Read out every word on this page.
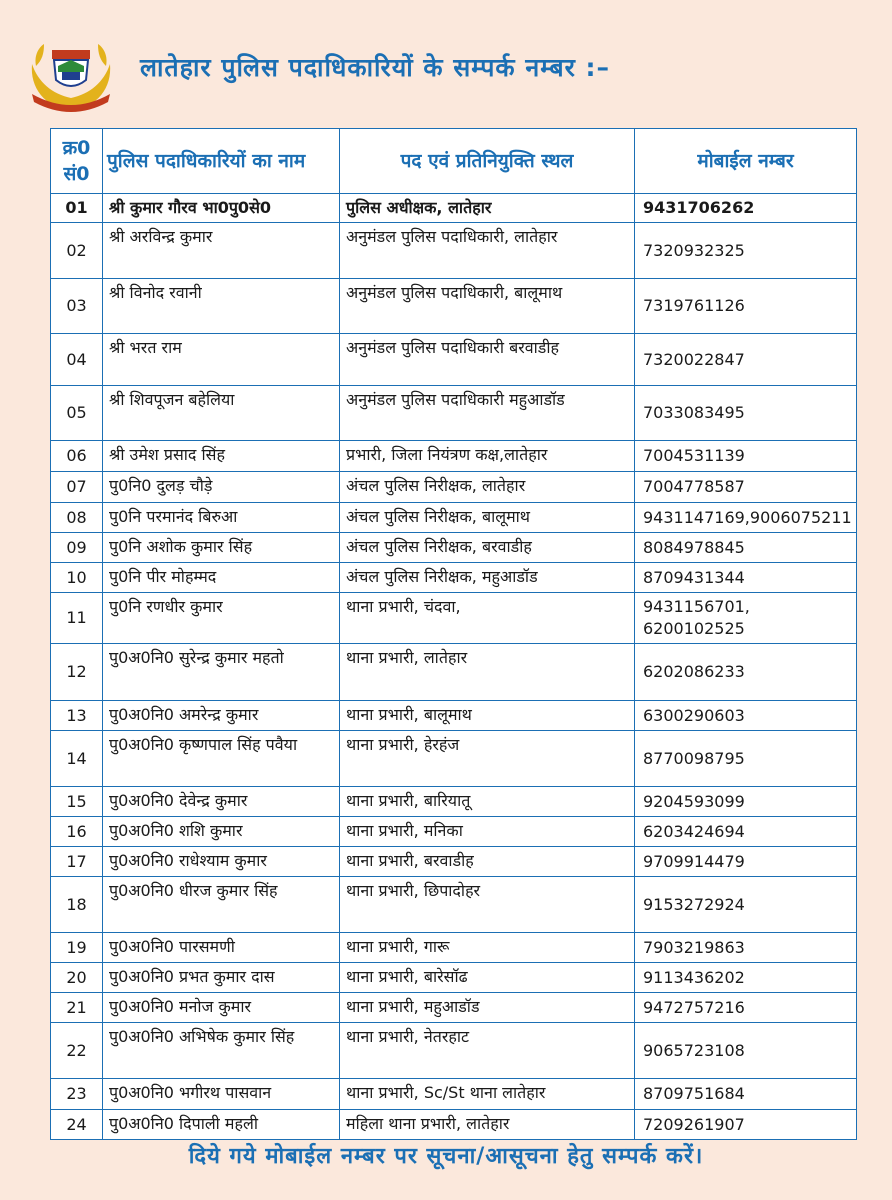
लातेहार पुलिस पदाधिकारियों के सम्पर्क नम्बर :–
क्र0 सं0	पुलिस पदाधिकारियों का नाम	पद एवं प्रतिनियुक्ति स्थल	मोबाईल नम्बर
01	श्री कुमार गौरव भा0पु0से0	पुलिस अधीक्षक, लातेहार	9431706262
02	श्री अरविन्द्र कुमार	अनुमंडल पुलिस पदाधिकारी, लातेहार	7320932325
03	श्री विनोद रवानी	अनुमंडल पुलिस पदाधिकारी, बालूमाथ	7319761126
04	श्री भरत राम	अनुमंडल पुलिस पदाधिकारी बरवाडीह	7320022847
05	श्री शिवपूजन बहेलिया	अनुमंडल पुलिस पदाधिकारी महुआडॉड	7033083495
06	श्री उमेश प्रसाद सिंह	प्रभारी, जिला नियंत्रण कक्ष,लातेहार	7004531139
07	पु0नि0 दुलड़ चौड़े	अंचल पुलिस निरीक्षक, लातेहार	7004778587
08	पु0नि परमानंद बिरुआ	अंचल पुलिस निरीक्षक, बालूमाथ	9431147169,9006075211
09	पु0नि अशोक कुमार सिंह	अंचल पुलिस निरीक्षक, बरवाडीह	8084978845
10	पु0नि पीर मोहम्मद	अंचल पुलिस निरीक्षक, महुआडॉड	8709431344
11	पु0नि रणधीर कुमार	थाना प्रभारी, चंदवा,	9431156701, 6200102525
12	पु0अ0नि0 सुरेन्द्र कुमार महतो	थाना प्रभारी, लातेहार	6202086233
13	पु0अ0नि0 अमरेन्द्र कुमार	थाना प्रभारी, बालूमाथ	6300290603
14	पु0अ0नि0 कृष्णपाल सिंह पवैया	थाना प्रभारी, हेरहंज	8770098795
15	पु0अ0नि0 देवेन्द्र कुमार	थाना प्रभारी, बारियातू	9204593099
16	पु0अ0नि0 शशि कुमार	थाना प्रभारी, मनिका	6203424694
17	पु0अ0नि0 राधेश्याम कुमार	थाना प्रभारी, बरवाडीह	9709914479
18	पु0अ0नि0 धीरज कुमार सिंह	थाना प्रभारी, छिपादोहर	9153272924
19	पु0अ0नि0 पारसमणी	थाना प्रभारी, गारू	7903219863
20	पु0अ0नि0 प्रभत कुमार दास	थाना प्रभारी, बारेसॉढ	9113436202
21	पु0अ0नि0 मनोज कुमार	थाना प्रभारी, महुआडॉड	9472757216
22	पु0अ0नि0 अभिषेक कुमार सिंह	थाना प्रभारी, नेतरहाट	9065723108
23	पु0अ0नि0 भगीरथ पासवान	थाना प्रभारी, Sc/St थाना लातेहार	8709751684
24	पु0अ0नि0 दिपाली महली	महिला थाना प्रभारी, लातेहार	7209261907
दिये गये मोबाईल नम्बर पर सूचना/आसूचना हेतु सम्पर्क करें।
